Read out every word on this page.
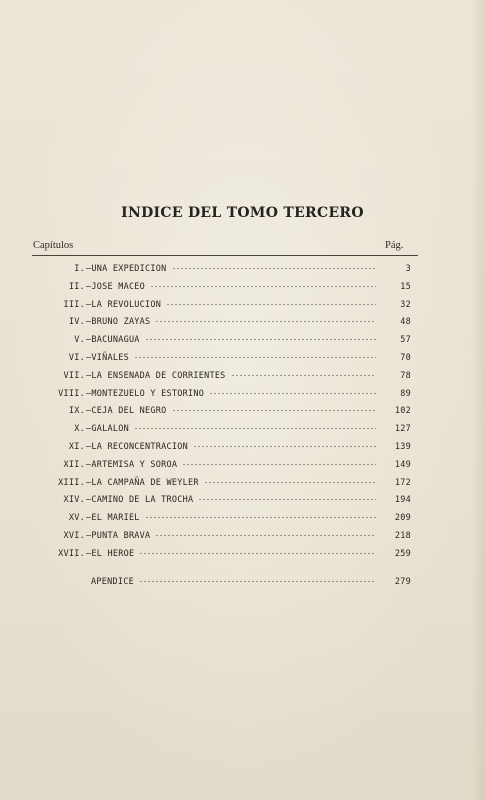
INDICE DEL TOMO TERCERO
Capítulos	Pág.
I. —UNA EXPEDICION	3
II. —JOSE MACEO	15
III. —LA REVOLUCION	32
IV. —BRUNO ZAYAS	48
V. —BACUNAGUA	57
VI. —VIÑALES	70
VII. —LA ENSENADA DE CORRIENTES	78
VIII. —MONTEZUELO Y ESTORINO	89
IX. —CEJA DEL NEGRO	102
X. —GALALON	127
XI. —LA RECONCENTRACION	139
XII. —ARTEMISA Y SOROA	149
XIII. —LA CAMPAÑA DE WEYLER	172
XIV. —CAMINO DE LA TROCHA	194
XV. —EL MARIEL	209
XVI. —PUNTA BRAVA	218
XVII. —EL HEROE	259
APENDICE	279
